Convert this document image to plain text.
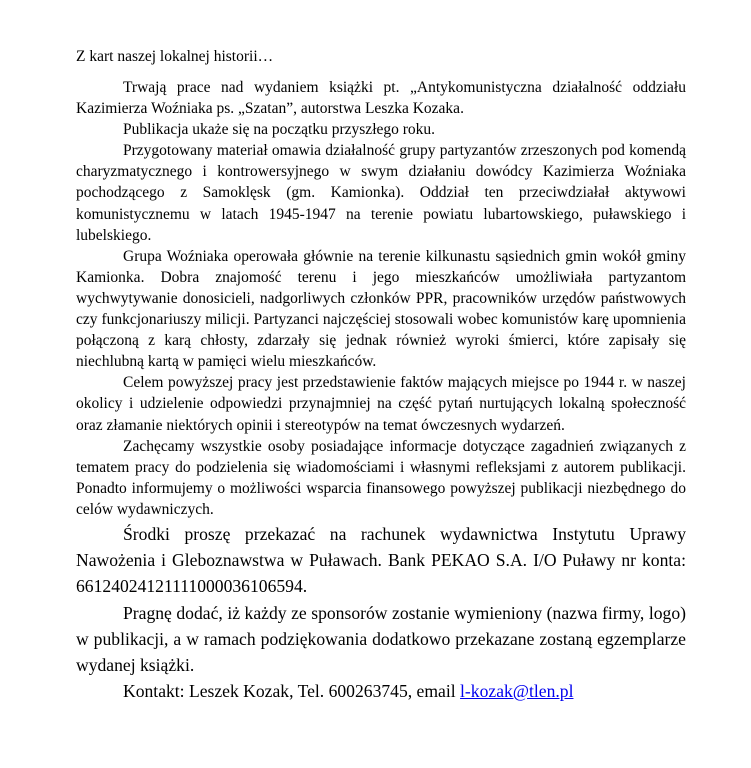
Z kart naszej lokalnej historii…

Trwają prace nad wydaniem książki pt. „Antykomunistyczna działalność oddziału Kazimierza Woźniaka ps. „Szatan”, autorstwa Leszka Kozaka.

Publikacja ukaże się na początku przyszłego roku.

Przygotowany materiał omawia działalność grupy partyzantów zrzeszonych pod komendą charyzmatycznego i kontrowersyjnego w swym działaniu dowódcy Kazimierza Woźniaka pochodzącego z Samoklęsk (gm. Kamionka). Oddział ten przeciwdziałał aktywowi komunistycznemu w latach 1945-1947 na terenie powiatu lubartowskiego, puławskiego i lubelskiego.

Grupa Woźniaka operowała głównie na terenie kilkunastu sąsiednich gmin wokół gminy Kamionka. Dobra znajomość terenu i jego mieszkańców umożliwiała partyzantom wychwytywanie donosicieli, nadgorliwych członków PPR, pracowników urzędów państwowych czy funkcjonariuszy milicji. Partyzanci najczęściej stosowali wobec komunistów karę upomnienia połączoną z karą chłosty, zdarzały się jednak również wyroki śmierci, które zapisały się niechlubną kartą w pamięci wielu mieszkańców.

Celem powyższej pracy jest przedstawienie faktów mających miejsce po 1944 r. w naszej okolicy i udzielenie odpowiedzi przynajmniej na część pytań nurtujących lokalną społeczność oraz złamanie niektórych opinii i stereotypów na temat ówczesnych wydarzeń.

Zachęcamy wszystkie osoby posiadające informacje dotyczące zagadnień związanych z tematem pracy do podzielenia się wiadomościami i własnymi refleksjami z autorem publikacji. Ponadto informujemy o możliwości wsparcia finansowego powyższej publikacji niezbędnego do celów wydawniczych.

Środki proszę przekazać na rachunek wydawnictwa Instytutu Uprawy Nawożenia i Gleboznawstwa w Puławach. Bank PEKAO S.A. I/O Puławy nr konta: 66124024121111000036106594.

Pragnę dodać, iż każdy ze sponsorów zostanie wymieniony (nazwa firmy, logo) w publikacji, a w ramach podziękowania dodatkowo przekazane zostaną egzemplarze wydanej książki.

Kontakt: Leszek Kozak, Tel. 600263745, email l-kozak@tlen.pl
